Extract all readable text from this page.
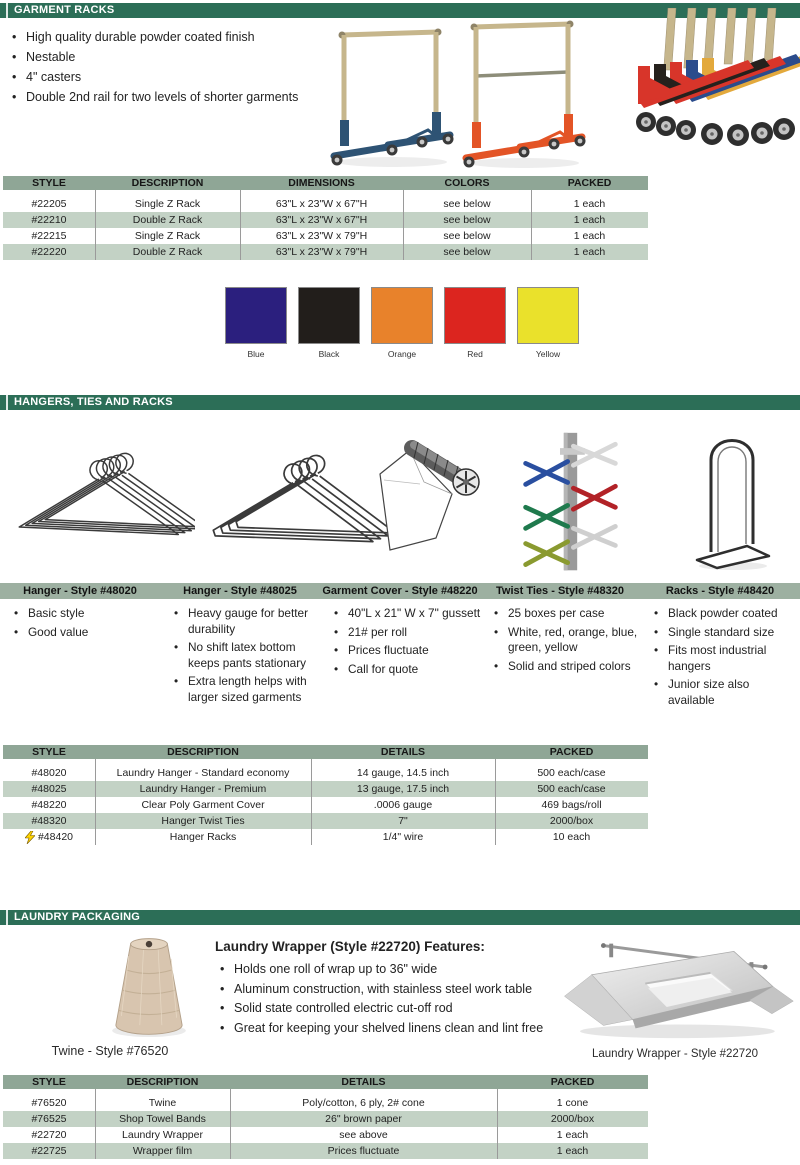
GARMENT RACKS
• High quality durable powder coated finish
• Nestable
• 4" casters
• Double 2nd rail for two levels of shorter garments
STYLE	DESCRIPTION	DIMENSIONS	COLORS	PACKED
#22205	Single Z Rack	63"L x 23"W x 67"H	see below	1 each
#22210	Double Z Rack	63"L x 23"W x 67"H	see below	1 each
#22215	Single Z Rack	63"L x 23"W x 79"H	see below	1 each
#22220	Double Z Rack	63"L x 23"W x 79"H	see below	1 each
Blue	Black	Orange	Red	Yellow
HANGERS, TIES AND RACKS
Hanger - Style #48020	Hanger - Style #48025	Garment Cover - Style #48220	Twist Ties - Style #48320	Racks - Style #48420
• Basic style
• Good value
• Heavy gauge for better durability
• No shift latex bottom keeps pants stationary
• Extra length helps with larger sized garments
• 40"L x 21" W x 7" gussett
• 21# per roll
• Prices fluctuate
• Call for quote
• 25 boxes per case
• White, red, orange, blue, green, yellow
• Solid and striped colors
• Black powder coated
• Single standard size
• Fits most industrial hangers
• Junior size also available
STYLE	DESCRIPTION	DETAILS	PACKED
#48020	Laundry Hanger - Standard economy	14 gauge, 14.5 inch	500 each/case
#48025	Laundry Hanger - Premium	13 gauge, 17.5 inch	500 each/case
#48220	Clear Poly Garment Cover	.0006 gauge	469 bags/roll
#48320	Hanger Twist Ties	7"	2000/box
#48420	Hanger Racks	1/4" wire	10 each
LAUNDRY PACKAGING
Twine - Style #76520
Laundry Wrapper (Style #22720) Features:
• Holds one roll of wrap up to 36" wide
• Aluminum construction, with stainless steel work table
• Solid state controlled electric cut-off rod
• Great for keeping your shelved linens clean and lint free
Laundry Wrapper - Style #22720
STYLE	DESCRIPTION	DETAILS	PACKED
#76520	Twine	Poly/cotton, 6 ply, 2# cone	1 cone
#76525	Shop Towel Bands	26" brown paper	2000/box
#22720	Laundry Wrapper	see above	1 each
#22725	Wrapper film	Prices fluctuate	1 each
